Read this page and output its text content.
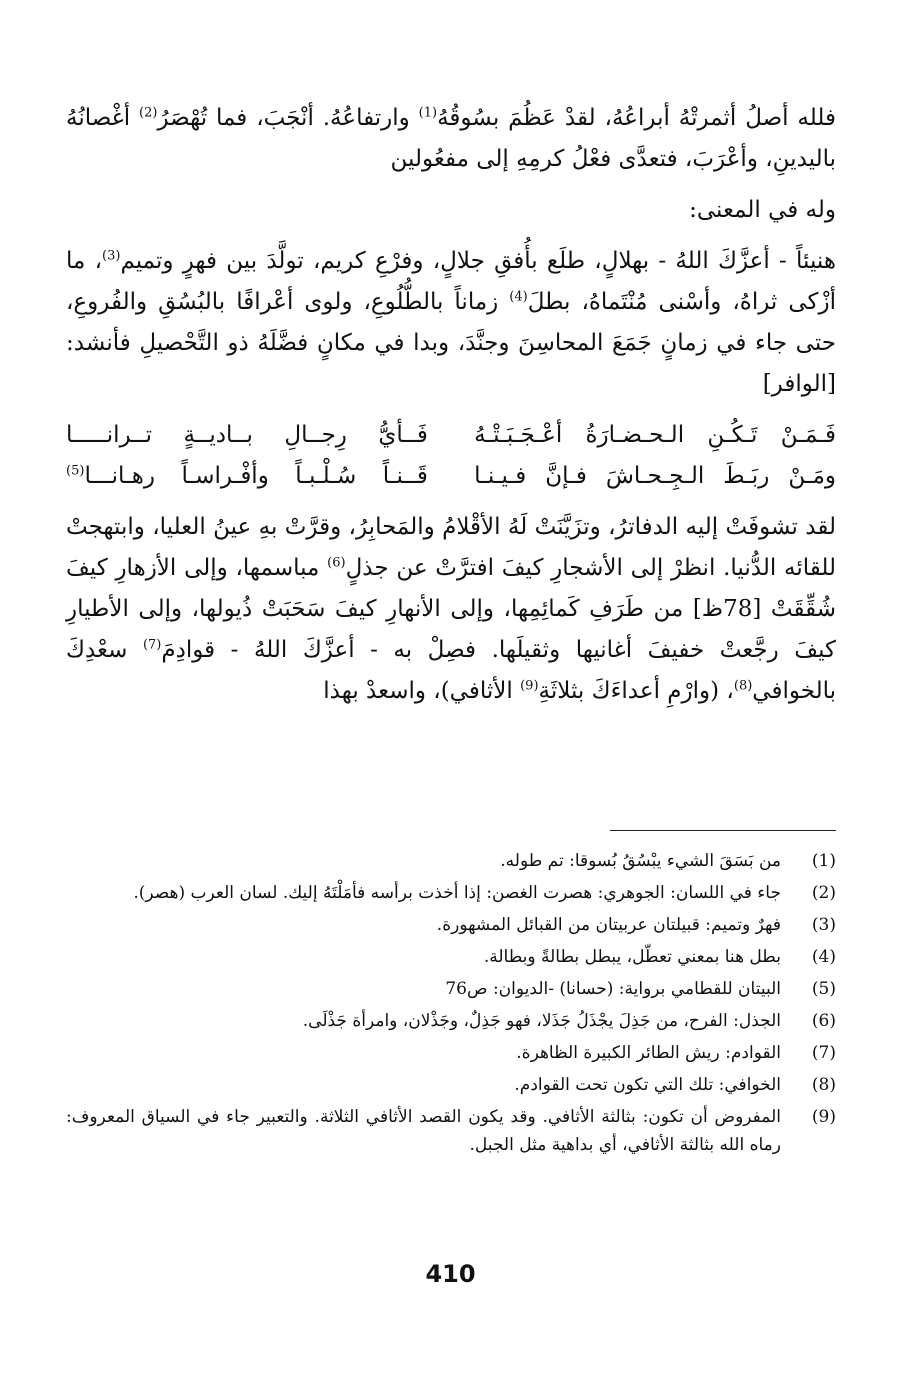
فلله أصلُ أثمرتْهُ أبراعُهُ، لقدْ عَظُمَ بسُوقُهُ$^{(1)}$ وارتفاعُهُ. أنْجَبَ، فما تُهْصَرُ$^{(2)}$ أغْصانُهُ باليدينِ، وأعْرَبَ، فتعدَّى فعْلُ كرمِهِ إلى مفعُولين

وله في المعنى:

هنيئاً - أعزَّكَ اللهُ - بهلالٍ، طلَع بأُفقِ جلالٍ، وفرْعِ كريم، تولَّدَ بين فهرٍ وتميم$^{(3)}$، ما أزْكى ثراهُ، وأسْنى مُنْتَماهُ، بطلَ$^{(4)}$ زماناً بالطُّلُوعِ، ولوى أعْرافًا بالبُسُقِ والفُروعِ، حتى جاء في زمانٍ جَمَعَ المحاسِنَ وجنَّدَ، وبدا في مكانٍ فضَّلَهُ ذو التَّحْصيلِ فأنشد: [الوافر]

فَـمَـنْ تَـكُـنِ الـحـضـارَةُ أعْـجَـبَـتْـهُ
فَــأيُّ رِجــالِ بــاديــةٍ تــرانـــــا
ومَـنْ ربَـطَ الـجِـحـاشَ فـإنَّ فـيـنـا
قَــنـاً سُـلْـبـاً وأفْـراسـاً رهـانـــا$^{(5)}$

لقد تشوفَتْ إليه الدفاترُ، وتزَيَّنَتْ لَهُ الأقْلامُ والمَحابِرُ، وقرَّتْ بهِ عينُ العليا، وابتهجتْ للقائه الدُّنيا. انظرْ إلى الأشجارِ كيفَ افترَّتْ عن جذلٍ$^{(6)}$ مباسمها، وإلى الأزهارِ كيفَ شُقِّقَتْ [78ظ] من طَرَفِ كَمائِمِها، وإلى الأنهارِ كيفَ سَحَبَتْ ذُيولها، وإلى الأطيارِ كيفَ رجَّعتْ خفيفَ أغانيها وثقيلَها. فصِلْ به - أعزَّكَ اللهُ - قوادِمَ$^{(7)}$ سعْدِكَ بالخوافي$^{(8)}$، (وارْمِ أعداءَكَ بثلاثَةِ$^{(9)}$ الأثافي)، واسعدْ بهذا

(1)
من بَسَقَ الشيء يبْسُقُ بُسوقا: تم طوله.
(2)
جاء في اللسان: الجوهري: هصرت الغصن: إذا أخذت برأسه فأمَلْتَهُ إليك. لسان العرب (هصر).
(3)
فهرٌ وتميم: قبيلتان عربيتان من القبائل المشهورة.
(4)
بطل هنا بمعني تعطّل، يبطل بطالةً وبطالة.
(5)
البيتان للقطامي برواية: (حسانا) -الديوان: ص76
(6)
الجذل: الفرح، من جَذِلَ يجْذَلُ جَذَلا، فهو جَذِلٌ، وجَذْلان، وامرأة جَذْلَى.
(7)
القوادم: ريش الطائر الكبيرة الظاهرة.
(8)
الخوافي: تلك التي تكون تحت القوادم.
(9)
المفروض أن تكون: بثالثة الأثافي. وقد يكون القصد الأثافي الثلاثة. والتعبير جاء في السياق المعروف: رماه الله بثالثة الأثافي، أي بداهية مثل الجبل.
410
